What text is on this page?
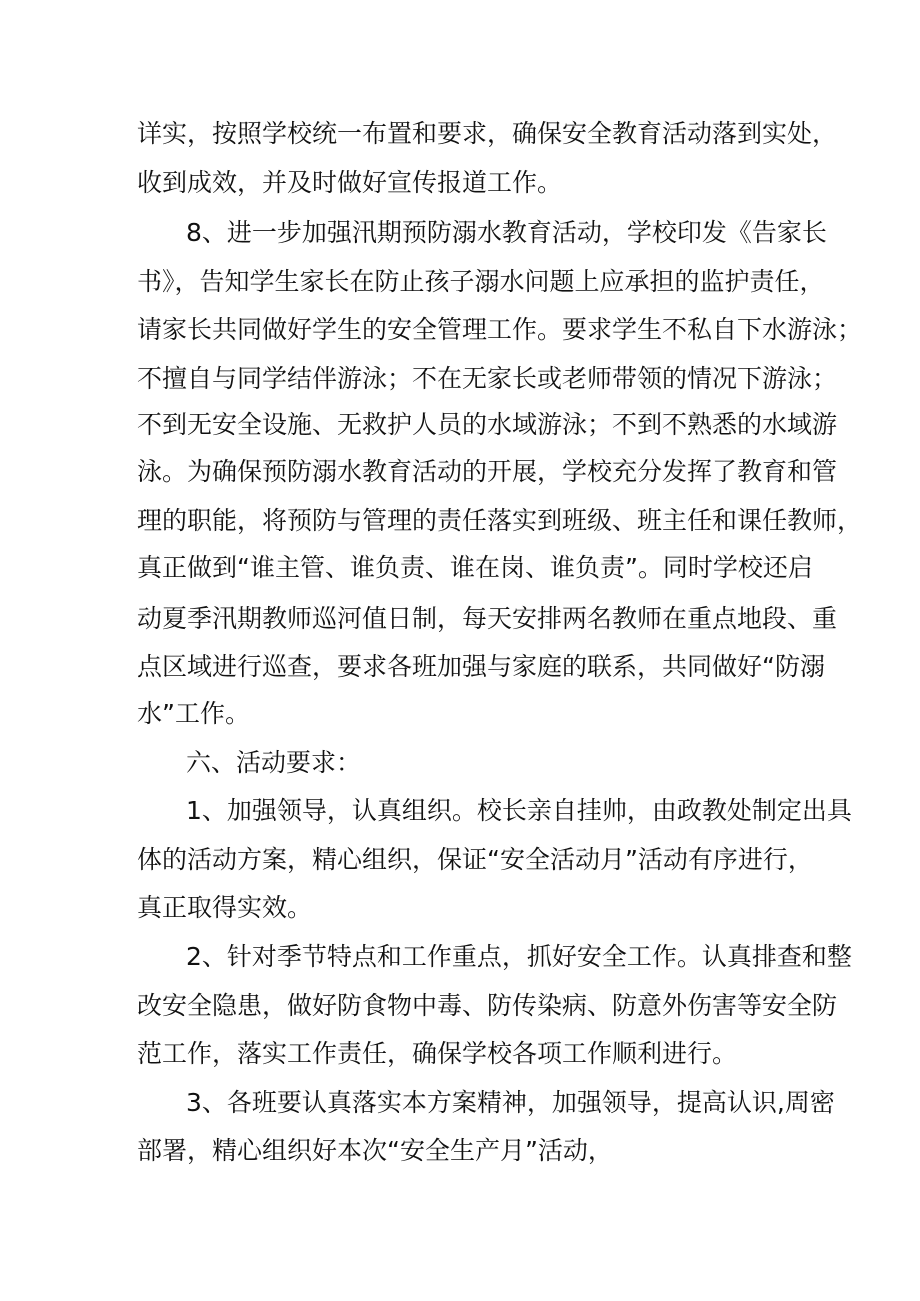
详实，按照学校统一布置和要求，确保安全教育活动落到实处，
收到成效，并及时做好宣传报道工作。
8、进一步加强汛期预防溺水教育活动，学校印发《告家长
书》，告知学生家长在防止孩子溺水问题上应承担的监护责任，
请家长共同做好学生的安全管理工作。要求学生不私自下水游泳；
不擅自与同学结伴游泳；不在无家长或老师带领的情况下游泳；
不到无安全设施、无救护人员的水域游泳；不到不熟悉的水域游
泳。为确保预防溺水教育活动的开展，学校充分发挥了教育和管
理的职能，将预防与管理的责任落实到班级、班主任和课任教师，
真正做到“谁主管、谁负责、谁在岗、谁负责”。同时学校还启
动夏季汛期教师巡河值日制，每天安排两名教师在重点地段、重
点区域进行巡查，要求各班加强与家庭的联系，共同做好“防溺
水”工作。
六、活动要求：
1、加强领导，认真组织。校长亲自挂帅，由政教处制定出具
体的活动方案，精心组织，保证“安全活动月”活动有序进行，
真正取得实效。
2、针对季节特点和工作重点，抓好安全工作。认真排查和整
改安全隐患，做好防食物中毒、防传染病、防意外伤害等安全防
范工作，落实工作责任，确保学校各项工作顺利进行。
3、各班要认真落实本方案精神，加强领导，提高认识,周密
部署，精心组织好本次“安全生产月”活动，
